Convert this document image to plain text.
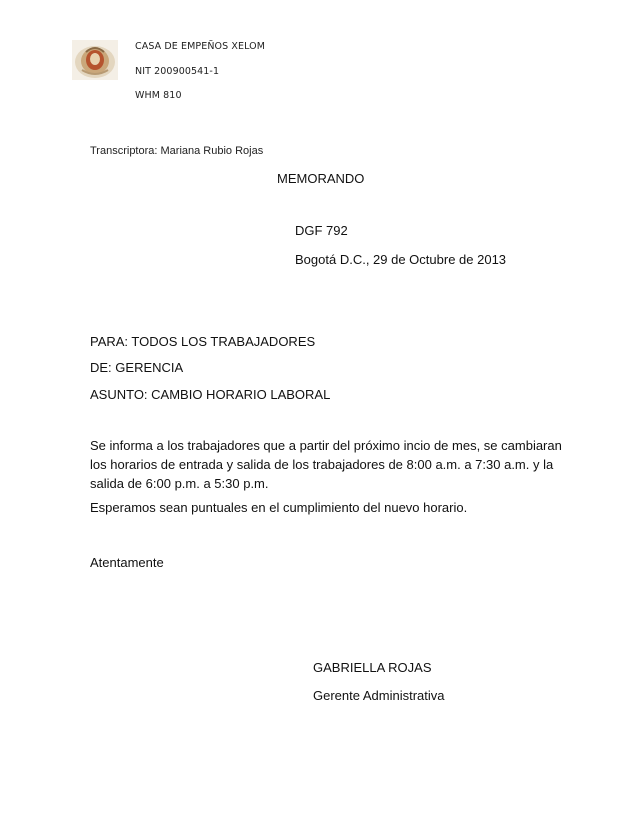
CASA DE EMPEÑOS XELOM
NIT 200900541-1
WHM 810
Transcriptora: Mariana Rubio Rojas
MEMORANDO
DGF 792
Bogotá D.C., 29 de Octubre de 2013
PARA: TODOS LOS TRABAJADORES
DE: GERENCIA
ASUNTO: CAMBIO HORARIO LABORAL
Se informa a los trabajadores que a partir del próximo incio de mes, se cambiaran los horarios de entrada y salida de los trabajadores de 8:00 a.m. a 7:30 a.m. y la salida de 6:00 p.m. a 5:30 p.m.
Esperamos sean puntuales en el cumplimiento del nuevo horario.
Atentamente
GABRIELLA ROJAS
Gerente Administrativa
